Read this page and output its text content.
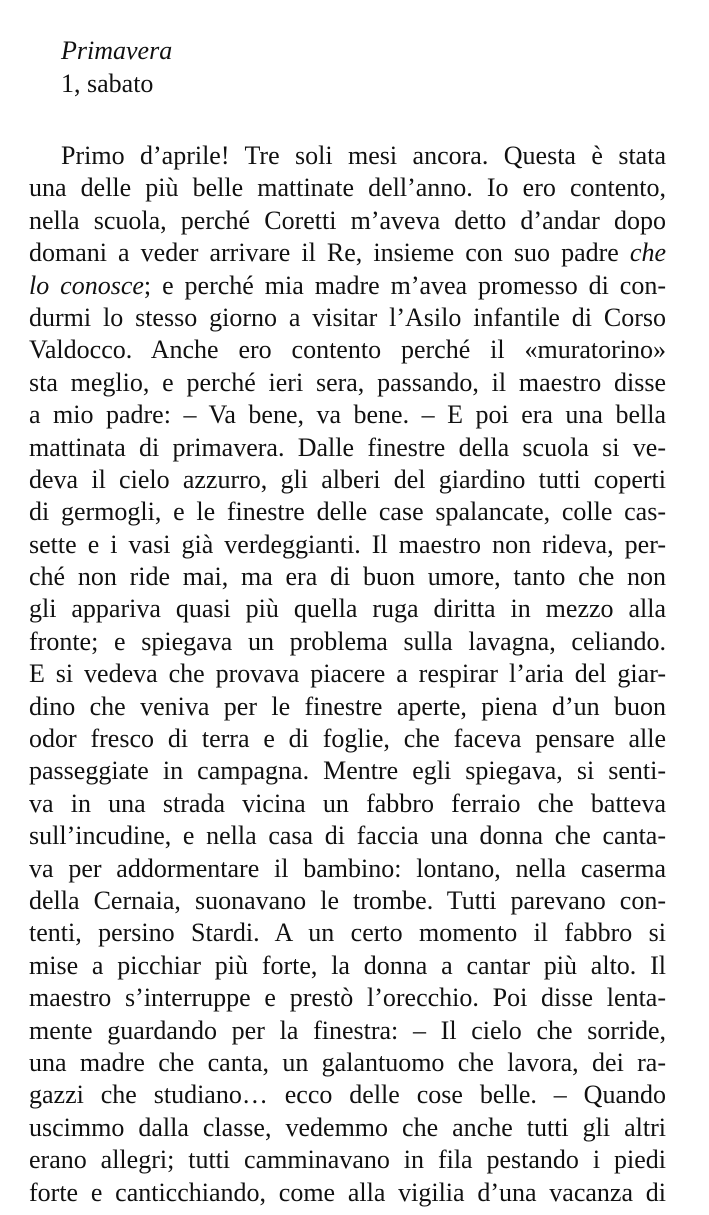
Primavera
1, sabato
Primo d’aprile! Tre soli mesi ancora. Questa è stata
una delle più belle mattinate dell’anno. Io ero contento,
nella scuola, perché Coretti m’aveva detto d’andar dopo
domani a veder arrivare il Re, insieme con suo padre che
lo conosce; e perché mia madre m’avea promesso di con-
durmi lo stesso giorno a visitar l’Asilo infantile di Corso
Valdocco. Anche ero contento perché il «muratorino»
sta meglio, e perché ieri sera, passando, il maestro disse
a mio padre: – Va bene, va bene. – E poi era una bella
mattinata di primavera. Dalle finestre della scuola si ve-
deva il cielo azzurro, gli alberi del giardino tutti coperti
di germogli, e le finestre delle case spalancate, colle cas-
sette e i vasi già verdeggianti. Il maestro non rideva, per-
ché non ride mai, ma era di buon umore, tanto che non
gli appariva quasi più quella ruga diritta in mezzo alla
fronte; e spiegava un problema sulla lavagna, celiando.
E si vedeva che provava piacere a respirar l’aria del giar-
dino che veniva per le finestre aperte, piena d’un buon
odor fresco di terra e di foglie, che faceva pensare alle
passeggiate in campagna. Mentre egli spiegava, si senti-
va in una strada vicina un fabbro ferraio che batteva
sull’incudine, e nella casa di faccia una donna che canta-
va per addormentare il bambino: lontano, nella caserma
della Cernaia, suonavano le trombe. Tutti parevano con-
tenti, persino Stardi. A un certo momento il fabbro si
mise a picchiar più forte, la donna a cantar più alto. Il
maestro s’interruppe e prestò l’orecchio. Poi disse lenta-
mente guardando per la finestra: – Il cielo che sorride,
una madre che canta, un galantuomo che lavora, dei ra-
gazzi che studiano… ecco delle cose belle. – Quando
uscimmo dalla classe, vedemmo che anche tutti gli altri
erano allegri; tutti camminavano in fila pestando i piedi
forte e canticchiando, come alla vigilia d’una vacanza di
